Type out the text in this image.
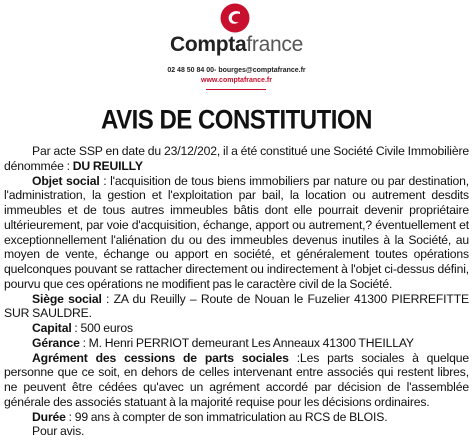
Comptafrance
02 48 50 84 00- bourges@comptafrance.fr
www.comptafrance.fr
AVIS DE CONSTITUTION

Par acte SSP en date du 23/12/202, il a été constitué une Société Civile Immobilière dénommée : DU REUILLY

Objet social : l'acquisition de tous biens immobiliers par nature ou par destination, l'administration, la gestion et l'exploitation par bail, la location ou autrement desdits immeubles et de tous autres immeubles bâtis dont elle pourrait devenir propriétaire ultérieurement, par voie d'acquisition, échange, apport ou autrement,? éventuellement et exceptionnellement l'aliénation du ou des immeubles devenus inutiles à la Société, au moyen de vente, échange ou apport en société, et généralement toutes opérations quelconques pouvant se rattacher directement ou indirectement à l'objet ci-dessus défini, pourvu que ces opérations ne modifient pas le caractère civil de la Société.

Siège social : ZA du Reuilly – Route de Nouan le Fuzelier 41300 PIERREFITTE SUR SAULDRE.

Capital : 500 euros

Gérance : M. Henri PERRIOT demeurant Les Anneaux 41300 THEILLAY

Agrément des cessions de parts sociales :Les parts sociales à quelque personne que ce soit, en dehors de celles intervenant entre associés qui restent libres, ne peuvent être cédées qu'avec un agrément accordé par décision de l'assemblée générale des associés statuant à la majorité requise pour les décisions ordinaires.

Durée : 99 ans à compter de son immatriculation au RCS de BLOIS.

Pour avis.
